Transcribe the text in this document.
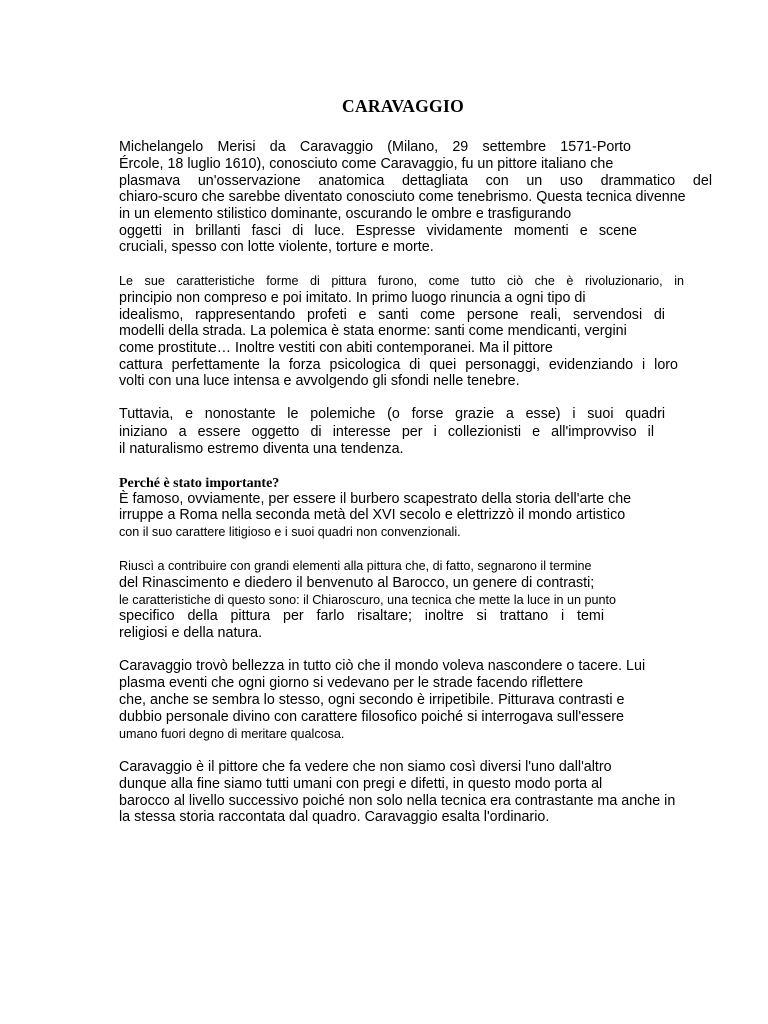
CARAVAGGIO
Michelangelo Merisi da Caravaggio (Milano, 29 settembre 1571-Porto
Ércole, 18 luglio 1610), conosciuto come Caravaggio, fu un pittore italiano che
plasmava un'osservazione anatomica dettagliata con un uso drammatico del
chiaro-scuro che sarebbe diventato conosciuto come tenebrismo. Questa tecnica divenne
in un elemento stilistico dominante, oscurando le ombre e trasfigurando
oggetti in brillanti fasci di luce. Espresse vividamente momenti e scene
cruciali, spesso con lotte violente, torture e morte.
Le sue caratteristiche forme di pittura furono, come tutto ciò che è rivoluzionario, in
principio non compreso e poi imitato. In primo luogo rinuncia a ogni tipo di
idealismo, rappresentando profeti e santi come persone reali, servendosi di
modelli della strada. La polemica è stata enorme: santi come mendicanti, vergini
come prostitute… Inoltre vestiti con abiti contemporanei. Ma il pittore
cattura perfettamente la forza psicologica di quei personaggi, evidenziando i loro
volti con una luce intensa e avvolgendo gli sfondi nelle tenebre.
Tuttavia, e nonostante le polemiche (o forse grazie a esse) i suoi quadri
iniziano a essere oggetto di interesse per i collezionisti e all'improvviso il
il naturalismo estremo diventa una tendenza.
Perché è stato importante?
È famoso, ovviamente, per essere il burbero scapestrato della storia dell'arte che
irruppe a Roma nella seconda metà del XVI secolo e elettrizzò il mondo artistico
con il suo carattere litigioso e i suoi quadri non convenzionali.
Riuscì a contribuire con grandi elementi alla pittura che, di fatto, segnarono il termine
del Rinascimento e diedero il benvenuto al Barocco, un genere di contrasti;
le caratteristiche di questo sono: il Chiaroscuro, una tecnica che mette la luce in un punto
specifico della pittura per farlo risaltare; inoltre si trattano i temi
religiosi e della natura.
Caravaggio trovò bellezza in tutto ciò che il mondo voleva nascondere o tacere. Lui
plasma eventi che ogni giorno si vedevano per le strade facendo riflettere
che, anche se sembra lo stesso, ogni secondo è irripetibile. Pitturava contrasti e
dubbio personale divino con carattere filosofico poiché si interrogava sull'essere
umano fuori degno di meritare qualcosa.
Caravaggio è il pittore che fa vedere che non siamo così diversi l'uno dall'altro
dunque alla fine siamo tutti umani con pregi e difetti, in questo modo porta al
barocco al livello successivo poiché non solo nella tecnica era contrastante ma anche in
la stessa storia raccontata dal quadro. Caravaggio esalta l'ordinario.
